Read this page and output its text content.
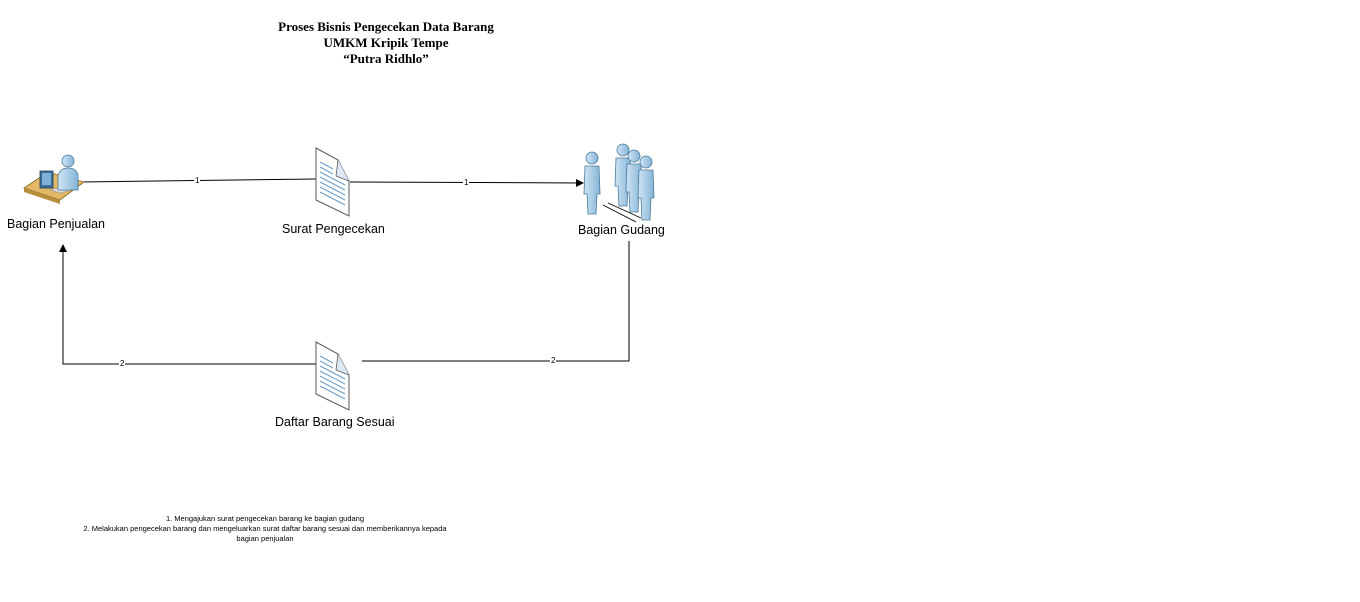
Proses Bisnis Pengecekan Data Barang
UMKM Kripik Tempe
“Putra Ridhlo”
Bagian Penjualan	Surat Pengecekan	Bagian Gudang
Daftar Barang Sesuai
1	1
2
2
1. Mengajukan surat pengecekan barang ke bagian gudang
2. Melakukan pengecekan barang dan mengeluarkan surat daftar barang sesuai dan memberikannya kepada
bagian penjualan
